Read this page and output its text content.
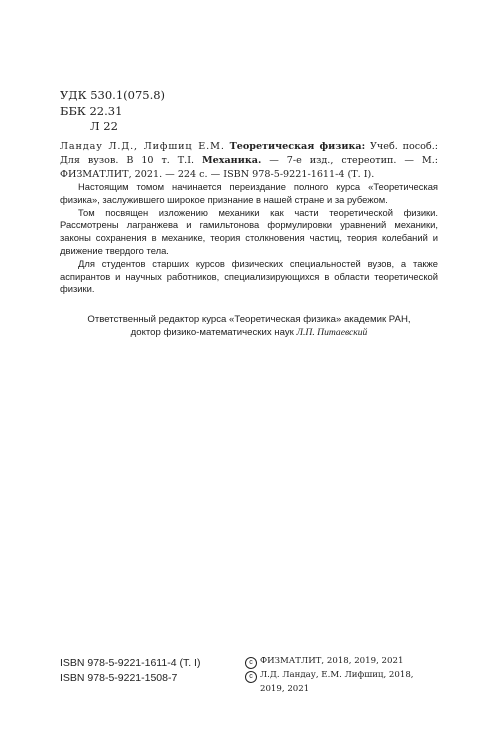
УДК 530.1(075.8)
ББК 22.31
Л 22
Ландау Л.Д., Лифшиц Е.М. Теоретическая физика: Учеб. пособ.: Для вузов. В 10 т. Т.I. Механика. — 7-е изд., стереотип. — М.: ФИЗМАТЛИТ, 2021. — 224 с. — ISBN 978-5-9221-1611-4 (Т. I).

Настоящим томом начинается переиздание полного курса «Теоретическая физика», заслужившего широкое признание в нашей стране и за рубежом.

Том посвящен изложению механики как части теоретической физики. Рассмотрены лагранжева и гамильтонова формулировки уравнений механики, законы сохранения в механике, теория столкновения частиц, теория колебаний и движение твердого тела.

Для студентов старших курсов физических специальностей вузов, а также аспирантов и научных работников, специализирующихся в области теоретической физики.

Ответственный редактор курса «Теоретическая физика» академик РАН,
доктор физико-математических наук Л.П. Питаевский
ISBN 978-5-9221-1611-4 (Т. I)
ISBN 978-5-9221-1508-7
c ФИЗМАТЛИТ, 2018, 2019, 2021
c Л.Д. Ландау, Е.М. Лифшиц, 2018,
2019, 2021
